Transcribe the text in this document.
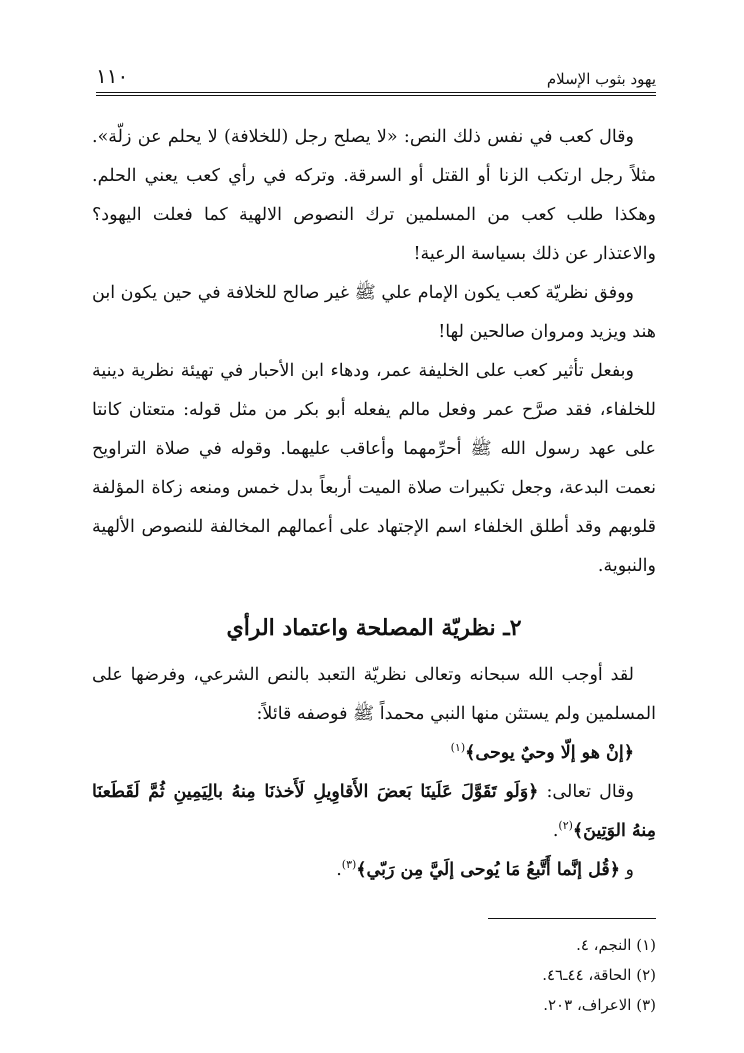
يهود بثوب الإسلام
١١٠

وقال كعب في نفس ذلك النص: «لا يصلح رجل (للخلافة) لا يحلم عن زلّة». مثلاً رجل ارتكب الزنا أو القتل أو السرقة. وتركه في رأي كعب يعني الحلم. وهكذا طلب كعب من المسلمين ترك النصوص الالهية كما فعلت اليهود؟ والاعتذار عن ذلك بسياسة الرعية!

ووفق نظريّة كعب يكون الإمام علي ﷺ غير صالح للخلافة في حين يكون ابن هند ويزيد ومروان صالحين لها!

وبفعل تأثير كعب على الخليفة عمر، ودهاء ابن الأحبار في تهيئة نظرية دينية للخلفاء، فقد صرَّح عمر وفعل مالم يفعله أبو بكر من مثل قوله: متعتان كانتا على عهد رسول الله ﷺ أحرِّمهما وأعاقب عليهما. وقوله في صلاة التراويح نعمت البدعة، وجعل تكبيرات صلاة الميت أربعاً بدل خمس ومنعه زكاة المؤلفة قلوبهم وقد أطلق الخلفاء اسم الإجتهاد على أعمالهم المخالفة للنصوص الألهية والنبوية.

٢ـ نظريّة المصلحة واعتماد الرأي

لقد أوجب الله سبحانه وتعالى نظريّة التعبد بالنص الشرعي، وفرضها على المسلمين ولم يستثن منها النبي محمداً ﷺ فوصفه قائلاً:

﴿إنْ هو إلّا وحيٌ يوحى﴾$^{(١)}$

وقال تعالى: ﴿وَلَو تَقَوَّلَ عَلَينَا بَعضَ الأَقاوِيلِ لَأَخذنَا مِنهُ بالِيَمِينِ ثُمَّ لَقَطَعنَا مِنهُ الوَتِينَ﴾$^{(٢)}$.

و ﴿قُل إنَّما أَتَّبعُ مَا يُوحى إلَيَّ مِن رَبّي﴾$^{(٣)}$.

(١) النجم، ٤.
(٢) الحاقة، ٤٤ـ٤٦.
(٣) الاعراف، ٢٠٣.
